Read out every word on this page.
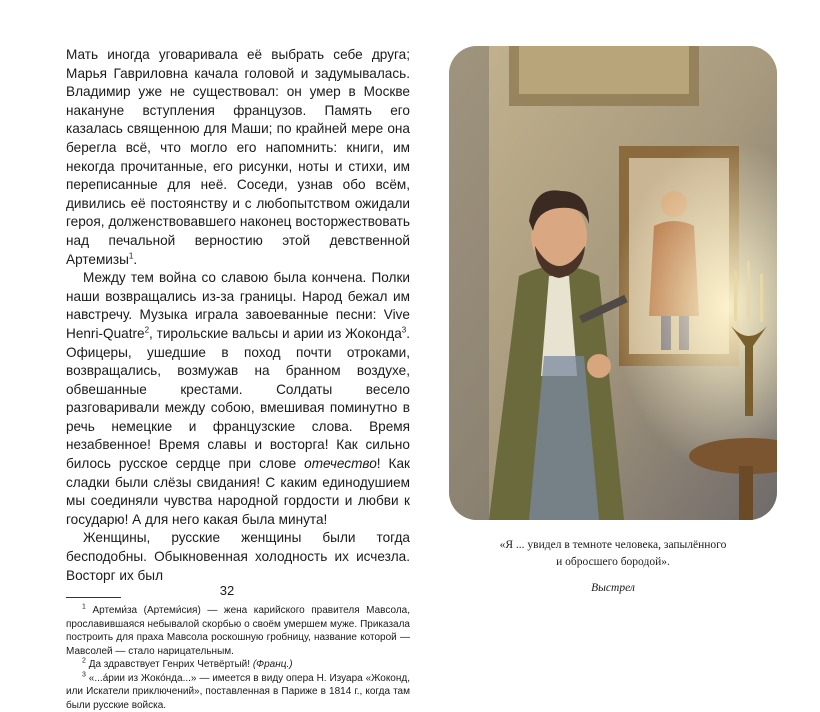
Мать иногда уговаривала её выбрать себе друга; Марья Гавриловна качала головой и задумывалась. Владимир уже не существовал: он умер в Москве накануне вступления французов. Память его казалась священною для Маши; по крайней мере она берегла всё, что могло его напомнить: книги, им некогда прочитанные, его рисунки, ноты и стихи, им переписанные для неё. Соседи, узнав обо всём, дивились её постоянству и с любопытством ожидали героя, долженствовавшего наконец восторжествовать над печальной верностию этой девственной Артемизы$^1$.

Между тем война со славою была кончена. Полки наши возвращались из-за границы. Народ бежал им навстречу. Музыка играла завоеванные песни: Vive Henri-Quatre$^2$, тирольские вальсы и арии из Жоконда$^3$. Офицеры, ушедшие в поход почти отроками, возвращались, возмужав на бранном воздухе, обвешанные крестами. Солдаты весело разговаривали между собою, вмешивая поминутно в речь немецкие и французские слова. Время незабвенное! Время славы и восторга! Как сильно билось русское сердце при слове отечество! Как сладки были слёзы свидания! С каким единодушием мы соединяли чувства народной гордости и любви к государю! А для него какая была минута!

Женщины, русские женщины были тогда бесподобны. Обыкновенная холодность их исчезла. Восторг их был

$^1$ Артеми́за (Артеми́сия) — жена карийского правителя Мавсола, прославившаяся небывалой скорбью о своём умершем муже. Приказала построить для праха Мавсола роскошную гробницу, название которой — Мавсолей — стало нарицательным.

$^2$ Да здравствует Генрих Четвёртый! (Франц.)

$^3$ «...а́рии из Жоко́нда...» — имеется в виду опера Н. Изуара «Жоконд, или Искатели приключений», поставленная в Париже в 1814 г., когда там были русские войска.

32
«Я ... увидел в темноте человека, запылённого
и обросшего бородой».
Выстрел
